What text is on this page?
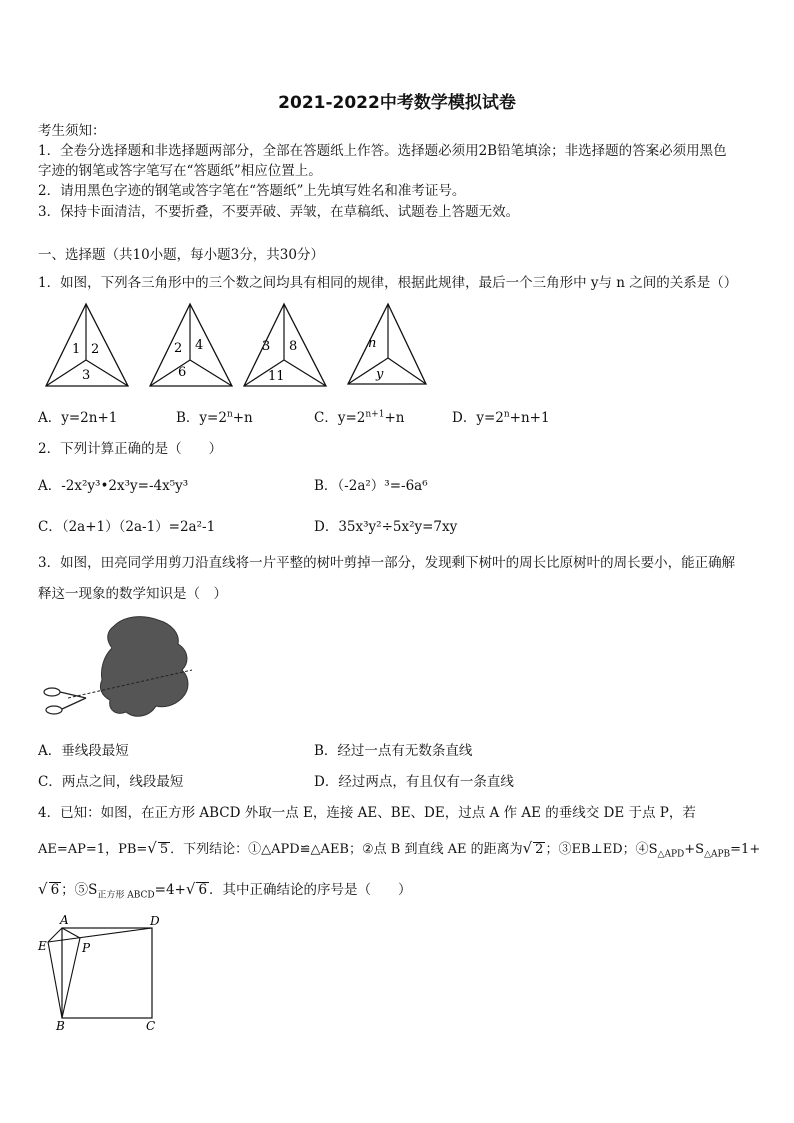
2021-2022中考数学模拟试卷
考生须知：
1．全卷分选择题和非选择题两部分，全部在答题纸上作答。选择题必须用2B铅笔填涂；非选择题的答案必须用黑色
字迹的钢笔或答字笔写在“答题纸”相应位置上。
2．请用黑色字迹的钢笔或答字笔在“答题纸”上先填写姓名和准考证号。
3．保持卡面清洁，不要折叠，不要弄破、弄皱，在草稿纸、试题卷上答题无效。
一、选择题（共10小题，每小题3分，共30分）
1．如图，下列各三角形中的三个数之间均具有相同的规律，根据此规律，最后一个三角形中 y与 n 之间的关系是（）
1 2
3
2 4
6
3 8
11
n
y
A．y=2n+1	B．$y=2^n+n$	C．$y=2^{n+1}+n$	D．$y=2^n+n+1$
2．下列计算正确的是（　　）
A．-2x²y³•2x³y=-4x⁵y³	B．（-2a²）³=-6a⁶
C．（2a+1）（2a-1）=2a²-1	D．35x³y²÷5x²y=7xy
3．如图，田亮同学用剪刀沿直线将一片平整的树叶剪掉一部分，发现剩下树叶的周长比原树叶的周长要小，能正确解
释这一现象的数学知识是（　）
A．垂线段最短	B．经过一点有无数条直线
C．两点之间，线段最短	D．经过两点，有且仅有一条直线
4．已知：如图，在正方形 ABCD 外取一点 E，连接 AE、BE、DE，过点 A 作 AE 的垂线交 DE 于点 P，若
AE=AP=1，PB=√ 5 ．下列结论：①△APD≌△AEB；②点 B 到直线 AE 的距离为√ 2 ；③EB⊥ED；$④S_{\triangle APD}+S_{\triangle APB}=1+$
√ 6 ；$⑤S_{正方形 ABCD}=4+√$ 6 ．其中正确结论的序号是（　　）
A	D
E	P
B	C
